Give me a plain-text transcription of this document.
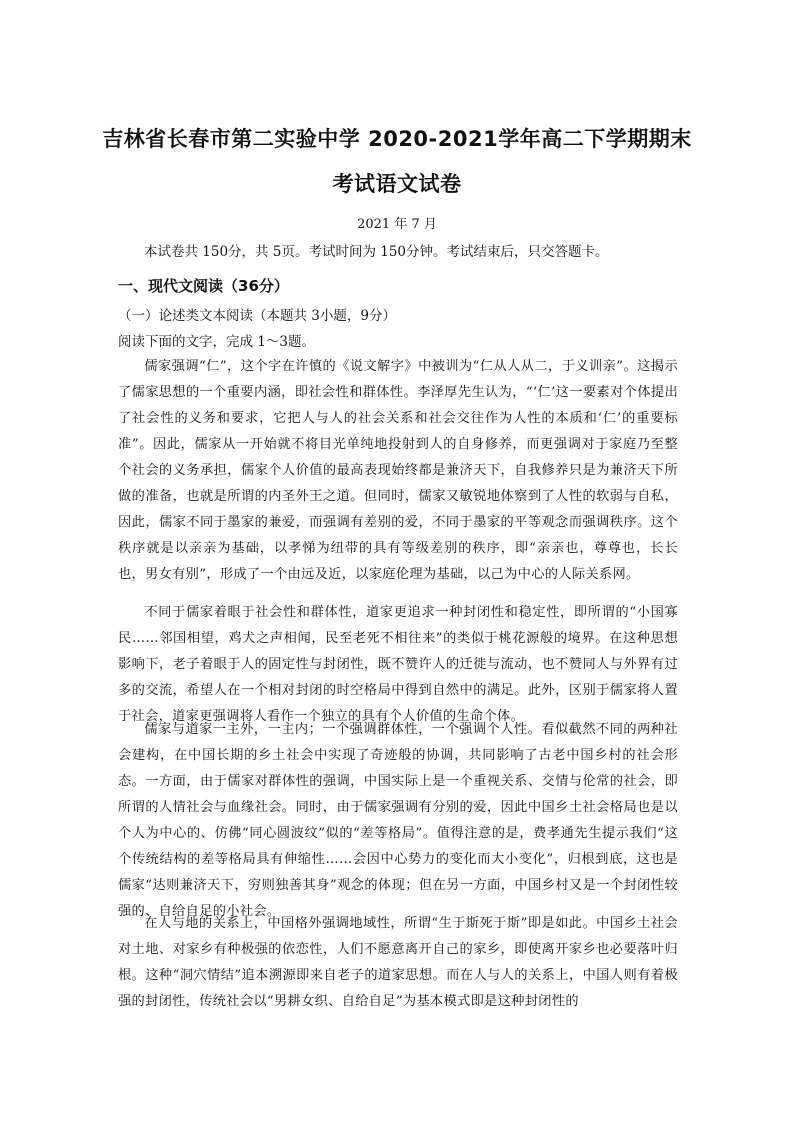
吉林省长春市第二实验中学 2020-2021学年高二下学期期末
考试语文试卷
2021 年 7 月
本试卷共 150分，共 5页。考试时间为 150分钟。考试结束后，只交答题卡。
一、现代文阅读（36分）
（一）论述类文本阅读（本题共 3小题，9分）
阅读下面的文字，完成 1～3题。

儒家强调“仁”，这个字在许慎的《说文解字》中被训为“仁从人从二，于义训亲”。这揭示了儒家思想的一个重要内涵，即社会性和群体性。李泽厚先生认为，“‘仁’这一要素对个体提出了社会性的义务和要求，它把人与人的社会关系和社会交往作为人性的本质和‘仁’的重要标准”。因此，儒家从一开始就不将目光单纯地投射到人的自身修养，而更强调对于家庭乃至整个社会的义务承担，儒家个人价值的最高表现始终都是兼济天下，自我修养只是为兼济天下所做的准备，也就是所谓的内圣外王之道。但同时，儒家又敏锐地体察到了人性的软弱与自私，因此，儒家不同于墨家的兼爱，而强调有差别的爱，不同于墨家的平等观念而强调秩序。这个秩序就是以亲亲为基础，以孝悌为纽带的具有等级差别的秩序，即“亲亲也，尊尊也，长长也，男女有别”，形成了一个由远及近，以家庭伦理为基础，以己为中心的人际关系网。

不同于儒家着眼于社会性和群体性，道家更追求一种封闭性和稳定性，即所谓的“小国寡民……邻国相望，鸡犬之声相闻，民至老死不相往来”的类似于桃花源般的境界。在这种思想影响下，老子着眼于人的固定性与封闭性，既不赞许人的迁徙与流动，也不赞同人与外界有过多的交流，希望人在一个相对封闭的时空格局中得到自然中的满足。此外，区别于儒家将人置于社会，道家更强调将人看作一个独立的具有个人价值的生命个体。

儒家与道家一主外，一主内；一个强调群体性，一个强调个人性。看似截然不同的两种社会建构，在中国长期的乡土社会中实现了奇迹般的协调，共同影响了古老中国乡村的社会形态。一方面，由于儒家对群体性的强调，中国实际上是一个重视关系、交情与伦常的社会，即所谓的人情社会与血缘社会。同时，由于儒家强调有分别的爱，因此中国乡土社会格局也是以个人为中心的、仿佛“同心圆波纹”似的“差等格局”。值得注意的是，费孝通先生提示我们“这个传统结构的差等格局具有伸缩性……会因中心势力的变化而大小变化”，归根到底，这也是儒家“达则兼济天下，穷则独善其身”观念的体现；但在另一方面，中国乡村又是一个封闭性较强的、自给自足的小社会。

在人与地的关系上，中国格外强调地域性，所谓“生于斯死于斯”即是如此。中国乡土社会对土地、对家乡有种极强的依恋性，人们不愿意离开自己的家乡，即使离开家乡也必要落叶归根。这种“洞穴情结”追本溯源即来自老子的道家思想。而在人与人的关系上，中国人则有着极强的封闭性，传统社会以“男耕女织、自给自足”为基本模式即是这种封闭性的
